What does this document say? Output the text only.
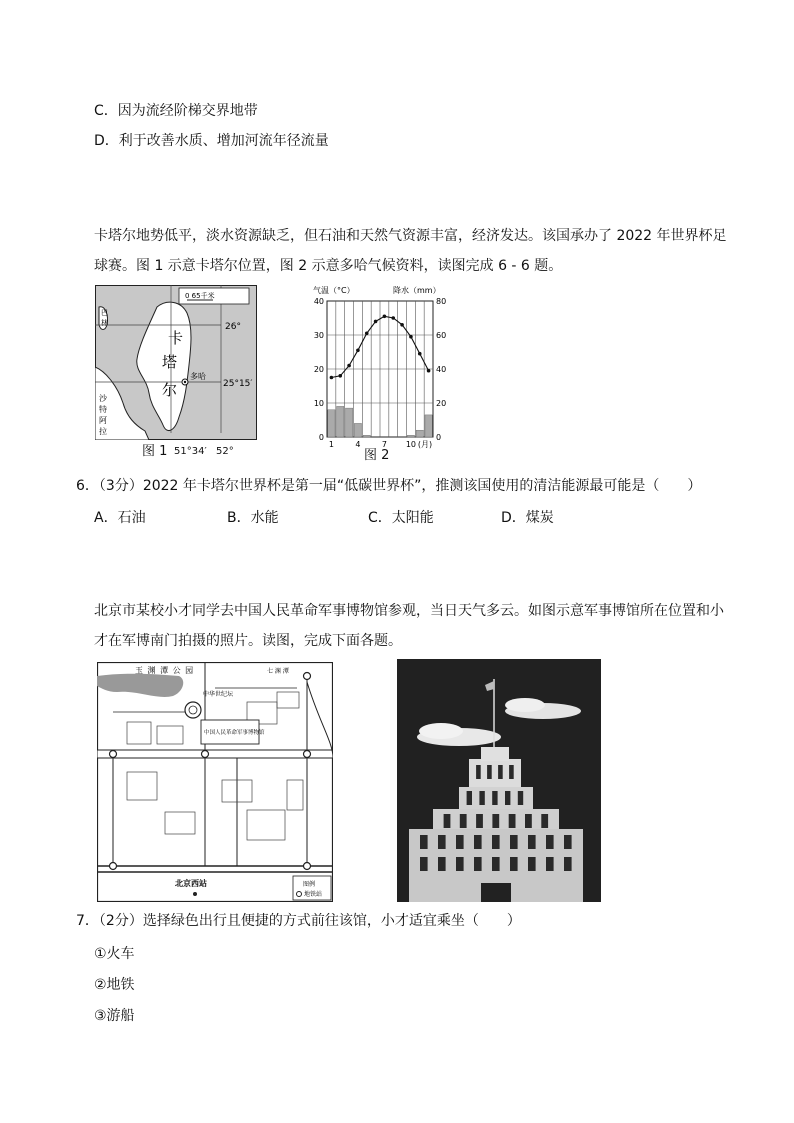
C．因为流经阶梯交界地带
D．利于改善水质、增加河流年径流量
卡塔尔地势低平，淡水资源缺乏，但石油和天然气资源丰富，经济发达。该国承办了 2022 年世界杯足
球赛。图 1 示意卡塔尔位置，图 2 示意多哈气候资料，读图完成 6 - 6 题。
0 65千米
26°
25°15′
卡
塔
尔
多哈
巴
林
沙
特
阿
拉
图 1 51°34′ 52°
气温（°C）	降水（mm）
0
10
20
30
40
0
20
40
60
80
1	4	7 10 (月)
图 2
6．（3分）2022 年卡塔尔世界杯是第一届“低碳世界杯”，推测该国使用的清洁能源最可能是（　　）
A．石油	B．水能	C．太阳能	D．煤炭
北京市某校小才同学去中国人民革命军事博物馆参观，当日天气多云。如图示意军事博馆所在位置和小
才在军博南门拍摄的照片。读图，完成下面各题。
玉 渊 潭 公 园	七 渊 潭
中华世纪坛
中国人民革命军事博物馆
北京西站	图例
地铁站
7．（2分）选择绿色出行且便捷的方式前往该馆，小才适宜乘坐（　　）
①火车
②地铁
③游船
